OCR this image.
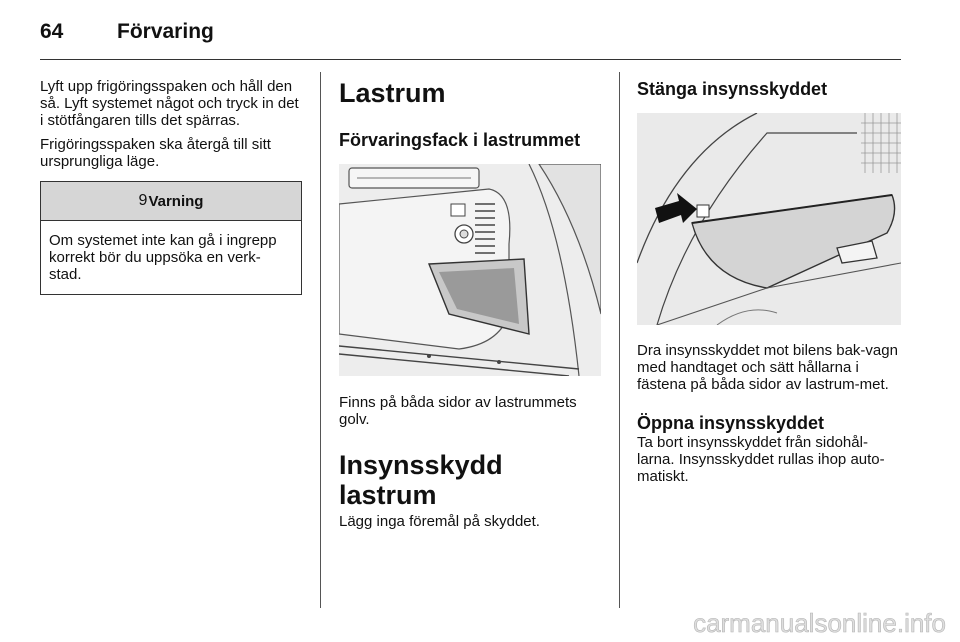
64	Förvaring

Lyft upp frigöringsspaken och håll den så. Lyft systemet något och tryck in det i stötfångaren tills det spärras.

Frigöringsspaken ska återgå till sitt ursprungliga läge.

9 Varning
Om systemet inte kan gå i ingrepp korrekt bör du uppsöka en verk-stad.
Lastrum
Förvaringsfack i lastrummet

Finns på båda sidor av lastrummets golv.

Insynsskydd lastrum

Lägg inga föremål på skyddet.

Stänga insynsskyddet

Dra insynsskyddet mot bilens bak-vagn med handtaget och sätt hållarna i fästena på båda sidor av lastrum-met.

Öppna insynsskyddet

Ta bort insynsskyddet från sidohål-larna. Insynsskyddet rullas ihop auto-matiskt.

carmanualsonline.info
